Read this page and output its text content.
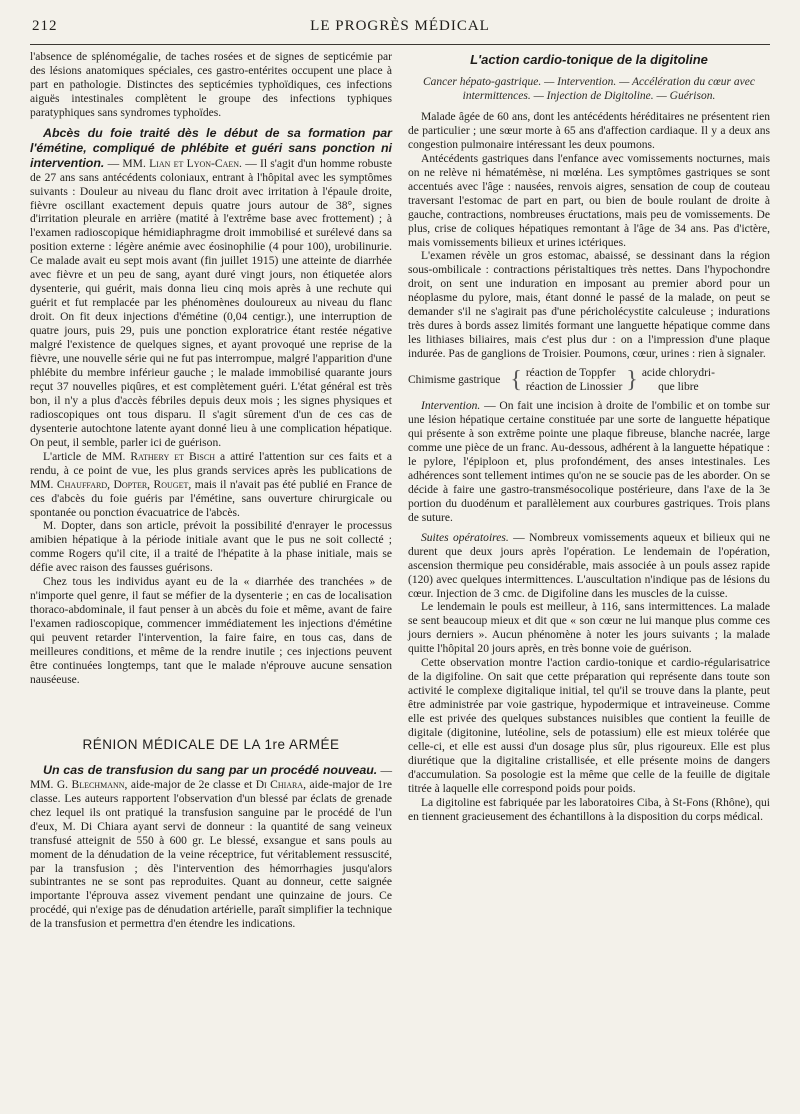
212	LE PROGRÈS MÉDICAL

l'absence de splénomégalie, de taches rosées et de signes de septicémie par des lésions anatomiques spéciales, ces gastro-entérites occupent une place à part en pathologie. Distinctes des septicémies typhoïdiques, ces infections aiguës intestinales complètent le groupe des infections typhiques paratyphiques sans syndromes typhoïdes.

Abcès du foie traité dès le début de sa formation par l'émétine, compliqué de phlébite et guéri sans ponction ni intervention. — MM. Lian et Lyon-Caen. — Il s'agit d'un homme robuste de 27 ans sans antécédents coloniaux, entrant à l'hôpital avec les symptômes suivants : Douleur au niveau du flanc droit avec irritation à l'épaule droite, fièvre oscillant exactement depuis quatre jours autour de 38°, signes d'irritation pleurale en arrière (matité à l'extrême base avec frottement) ; à l'examen radioscopique hémidiaphragme droit immobilisé et surélevé dans sa position externe : légère anémie avec éosinophilie (4 pour 100), urobilinurie. Ce malade avait eu sept mois avant (fin juillet 1915) une atteinte de diarrhée avec fièvre et un peu de sang, ayant duré vingt jours, non étiquetée alors dysenterie, qui guérit, mais donna lieu cinq mois après à une rechute qui guérit et fut remplacée par les phénomènes douloureux au niveau du flanc droit. On fit deux injections d'émétine (0,04 centigr.), une interruption de quatre jours, puis 29, puis une ponction exploratrice étant restée négative malgré l'existence de quelques signes, et ayant provoqué une reprise de la fièvre, une nouvelle série qui ne fut pas interrompue, malgré l'apparition d'une phlébite du membre inférieur gauche ; le malade immobilisé quarante jours reçut 37 nouvelles piqûres, et est complètement guéri. L'état général est très bon, il n'y a plus d'accès fébriles depuis deux mois ; les signes physiques et radioscopiques ont tous disparu. Il s'agit sûrement d'un de ces cas de dysenterie autochtone latente ayant donné lieu à une complication hépatique. On peut, il semble, parler ici de guérison.

L'article de MM. Rathery et Bisch a attiré l'attention sur ces faits et a rendu, à ce point de vue, les plus grands services après les publications de MM. Chauffard, Dopter, Rouget, mais il n'avait pas été publié en France de ces d'abcès du foie guéris par l'émétine, sans ouverture chirurgicale ou spontanée ou ponction évacuatrice de l'abcès.

M. Dopter, dans son article, prévoit la possibilité d'enrayer le processus amibien hépatique à la période initiale avant que le pus ne soit collecté ; comme Rogers qu'il cite, il a traité de l'hépatite à la phase initiale, mais se défie avec raison des fausses guérisons.

Chez tous les individus ayant eu de la « diarrhée des tranchées » de n'importe quel genre, il faut se méfier de la dysenterie ; en cas de localisation thoraco-abdominale, il faut penser à un abcès du foie et même, avant de faire l'examen radioscopique, commencer immédiatement les injections d'émétine qui peuvent retarder l'intervention, la faire faire, en tous cas, dans de meilleures conditions, et même de la rendre inutile ; ces injections peuvent être continuées longtemps, tant que le malade n'éprouve aucune sensation nauséeuse.

RÉNION MÉDICALE DE LA 1re ARMÉE

Un cas de transfusion du sang par un procédé nouveau. — MM. G. Blechmann, aide-major de 2e classe et Di Chiara, aide-major de 1re classe. Les auteurs rapportent l'observation d'un blessé par éclats de grenade chez lequel ils ont pratiqué la transfusion sanguine par le procédé de l'un d'eux, M. Di Chiara ayant servi de donneur : la quantité de sang veineux transfusé atteignit de 550 à 600 gr. Le blessé, exsangue et sans pouls au moment de la dénudation de la veine réceptrice, fut véritablement ressuscité, par la transfusion ; dès l'intervention des hémorrhagies jusqu'alors subintrantes ne se sont pas reproduites. Quant au donneur, cette saignée importante l'éprouva assez vivement pendant une quinzaine de jours. Ce procédé, qui n'exige pas de dénudation artérielle, paraît simplifier la technique de la transfusion et permettra d'en étendre les indications.

L'action cardio-tonique de la digitoline
Cancer hépato-gastrique. — Intervention. — Accélération du cœur avec intermittences. — Injection de Digitoline. — Guérison.

Malade âgée de 60 ans, dont les antécédents héréditaires ne présentent rien de particulier ; une sœur morte à 65 ans d'affection cardiaque. Il y a deux ans congestion pulmonaire intéressant les deux poumons.

Antécédents gastriques dans l'enfance avec vomissements nocturnes, mais on ne relève ni hématémèse, ni mœléna. Les symptômes gastriques se sont accentués avec l'âge : nausées, renvois aigres, sensation de coup de couteau traversant l'estomac de part en part, ou bien de boule roulant de droite à gauche, contractions, nombreuses éructations, mais peu de vomissements. De plus, crise de coliques hépatiques remontant à l'âge de 34 ans. Pas d'ictère, mais vomissements bilieux et urines ictériques.

L'examen révèle un gros estomac, abaissé, se dessinant dans la région sous-ombilicale : contractions péristaltiques très nettes. Dans l'hypochondre droit, on sent une induration en imposant au premier abord pour un néoplasme du pylore, mais, étant donné le passé de la malade, on peut se demander s'il ne s'agirait pas d'une péricholécystite calculeuse ; indurations très dures à bords assez limités formant une languette hépatique comme dans les lithiases biliaires, mais c'est plus dur : on a l'impression d'une plaque indurée. Pas de ganglions de Troisier. Poumons, cœur, urines : rien à signaler.

Chimisme gastrique { réaction de Toppfer
réaction de Linossier } acide chlorydri-
que libre

Intervention. — On fait une incision à droite de l'ombilic et on tombe sur une lésion hépatique certaine constituée par une sorte de languette hépatique qui présente à son extrême pointe une plaque fibreuse, blanche nacrée, large comme une pièce de un franc. Au-dessous, adhérent à la languette hépatique : le pylore, l'épiploon et, plus profondément, des anses intestinales. Les adhérences sont tellement intimes qu'on ne se soucie pas de les aborder. On se décide à faire une gastro-transmésocolique postérieure, dans l'axe de la 3e portion du duodénum et parallèlement aux courbures gastriques. Trois plans de suture.

Suites opératoires. — Nombreux vomissements aqueux et bilieux qui ne durent que deux jours après l'opération. Le lendemain de l'opération, ascension thermique peu considérable, mais associée à un pouls assez rapide (120) avec quelques intermittences. L'auscultation n'indique pas de lésions du cœur. Injection de 3 cmc. de Digifoline dans les muscles de la cuisse.

Le lendemain le pouls est meilleur, à 116, sans intermittences. La malade se sent beaucoup mieux et dit que « son cœur ne lui manque plus comme ces jours derniers ». Aucun phénomène à noter les jours suivants ; la malade quitte l'hôpital 20 jours après, en très bonne voie de guérison.

Cette observation montre l'action cardio-tonique et cardio-régularisatrice de la digifoline. On sait que cette préparation qui représente dans toute son activité le complexe digitalique initial, tel qu'il se trouve dans la plante, peut être administrée par voie gastrique, hypodermique et intraveineuse. Comme elle est privée des quelques substances nuisibles que contient la feuille de digitale (digitonine, lutéoline, sels de potassium) elle est mieux tolérée que celle-ci, et elle est aussi d'un dosage plus sûr, plus rigoureux. Elle est plus diurétique que la digitaline cristallisée, et elle présente moins de dangers d'accumulation. Sa posologie est la même que celle de la feuille de digitale titrée à laquelle elle correspond poids pour poids.

La digitoline est fabriquée par les laboratoires Ciba, à St-Fons (Rhône), qui en tiennent gracieusement des échantillons à la disposition du corps médical.
